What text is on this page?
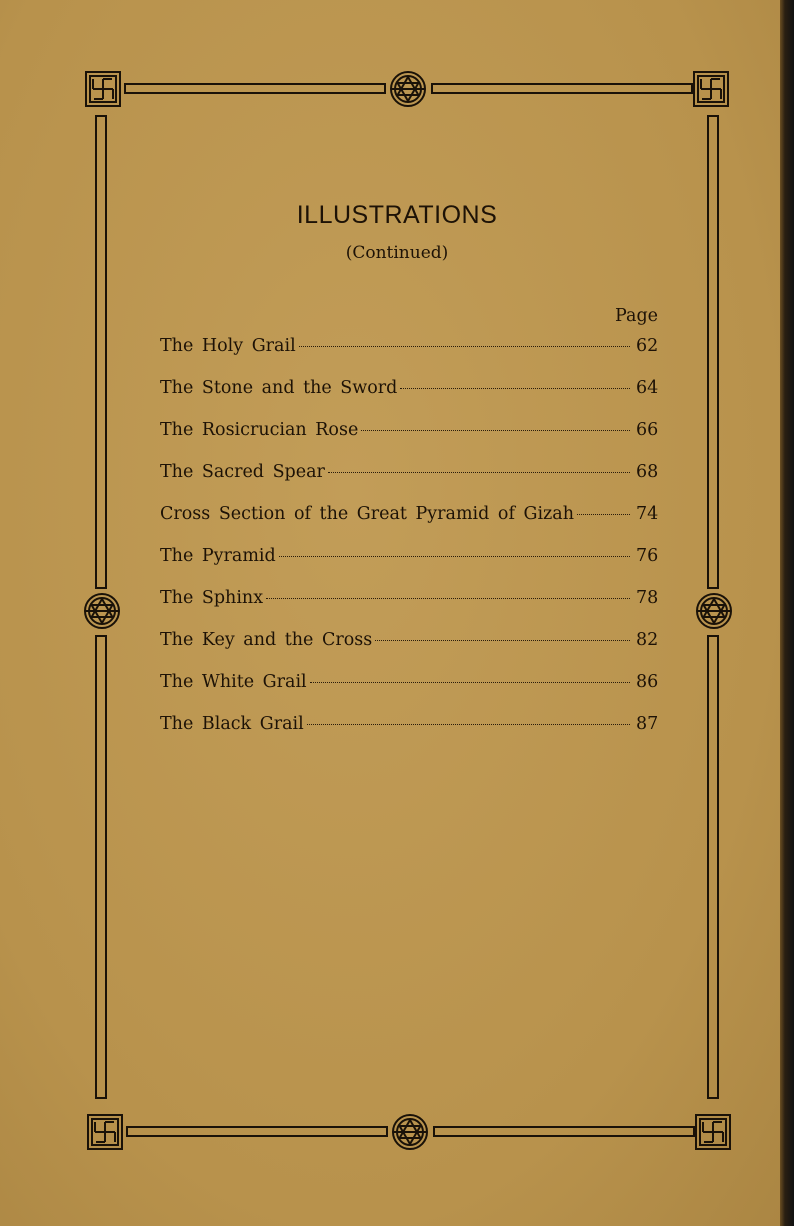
ILLUSTRATIONS
(Continued)
Page
The Holy Grail	62
The Stone and the Sword	64
The Rosicrucian Rose	66
The Sacred Spear	68
Cross Section of the Great Pyramid of Gizah	74
The Pyramid	76
The Sphinx	78
The Key and the Cross	82
The White Grail	86
The Black Grail	87
